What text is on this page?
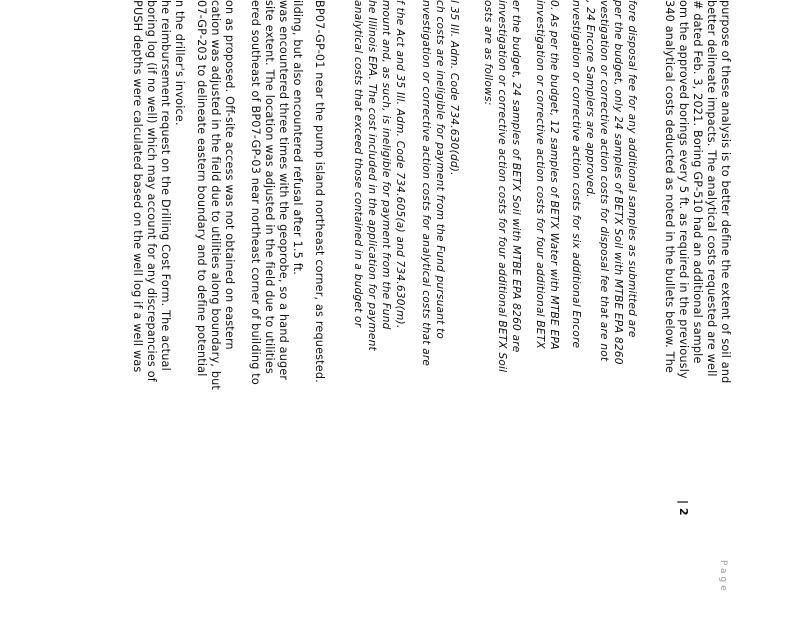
Page
| 2
PUSH depths were calculated based on the well log if a well was boring log (if no well) which may account for any discrepancies of he reimbursement request on the Drilling Cost Form. The actual n the driller's invoice. 07-GP-203 to delineate eastern boundary and to define potential cation was adjusted in the field due to utilities along boundary, but on as proposed. Off-site access was not obtained on eastern ered southeast of BP07-GP-03 near northeast corner of building to site extent. The location was adjusted in the field due to utilities was encountered three times with the geoprobe, so a hand auger ilding, but also encountered refusal after 1.5 ft. BP07-GP-01 near the pump island northeast corner, as requested. analytical costs that exceed those contained in a budget or he Illinois EPA. The cost included in the application for payment mount and, as such, is ineligible for payment from the Fund f the Act and 35 Ill. Adm. Code 734.605(a) and 734.630(m). nvestigation or corrective action costs for analytical costs that are ch costs are ineligible for payment from the Fund pursuant to l 35 Ill. Adm. Code 734.630(dd). osts are as follows: investigation or corrective action costs for four additional BETX Soil er the budget, 24 samples of BETX Soil with MTBE EPA 8260 are investigation or corrective action costs for four additional BETX 0. As per the budget, 12 samples of BETX Water with MTBE EPA nvestigation or corrective action costs for six additional Encore , 24 Encore Samplers are approved. vestigation or corrective action costs for disposal fee that are not per the budget, only 24 samples of BETX Soil with MTBE EPA 8260 fore disposal fee for any additional samples as submitted are 340 analytical costs deducted as noted in the bullets below. The om the approved borings every 5 ft. as required in the previously # dated Feb. 3, 2021. Boring GP-510 had an additional sample better delineate impacts. The analytical costs requested are well purpose of these analysis is to better define the extent of soil and
